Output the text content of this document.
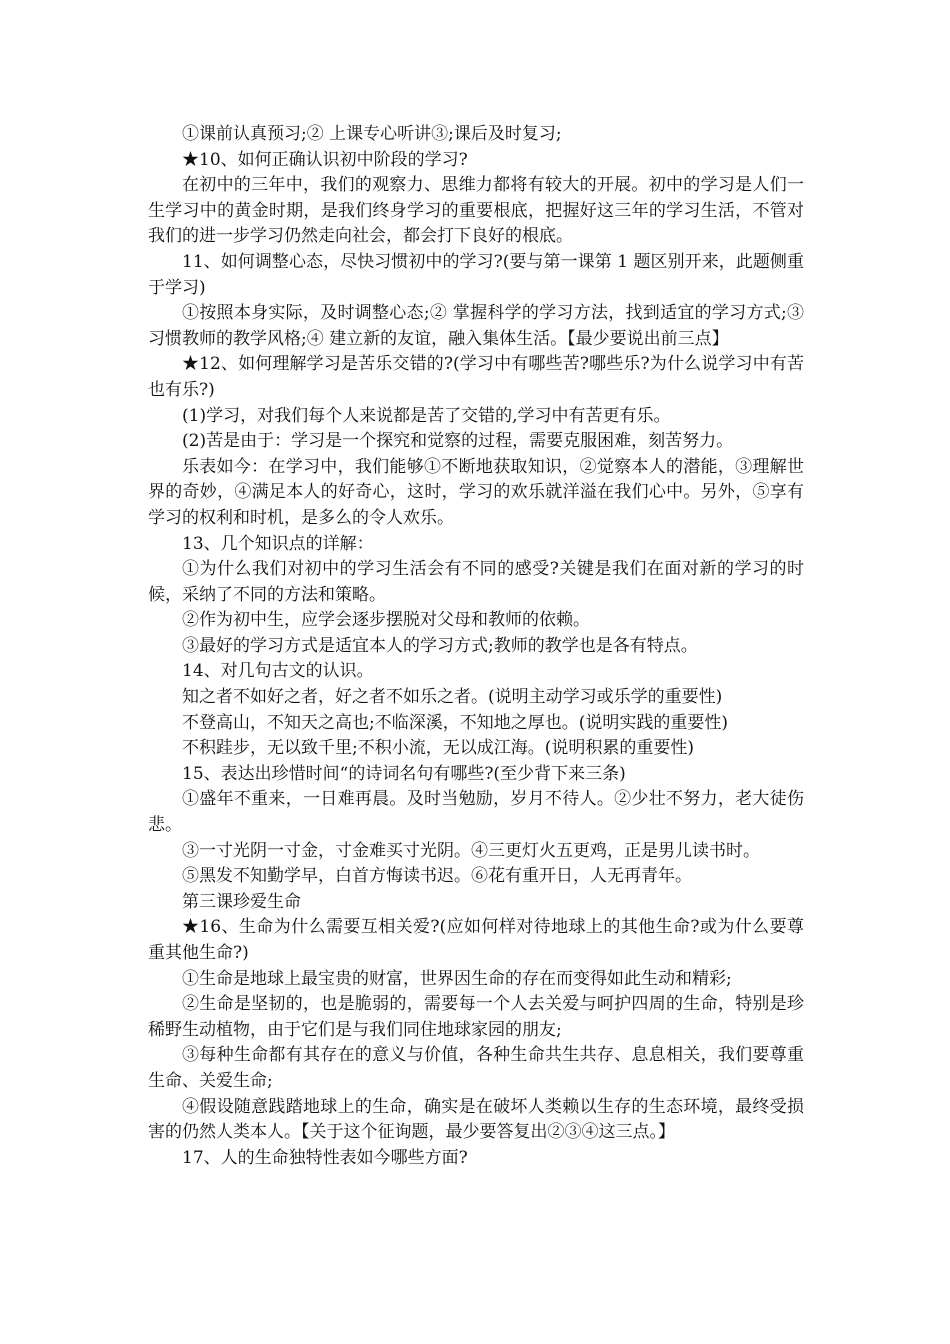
①课前认真预习;② 上课专心听讲③;课后及时复习;

★10、如何正确认识初中阶段的学习?

在初中的三年中，我们的观察力、思维力都将有较大的开展。初中的学习是人们一生学习中的黄金时期，是我们终身学习的重要根底，把握好这三年的学习生活，不管对我们的进一步学习仍然走向社会，都会打下良好的根底。

11、如何调整心态，尽快习惯初中的学习?(要与第一课第 1 题区别开来，此题侧重于学习)

①按照本身实际，及时调整心态;② 掌握科学的学习方法，找到适宜的学习方式;③ 习惯教师的教学风格;④ 建立新的友谊，融入集体生活。【最少要说出前三点】

★12、如何理解学习是苦乐交错的?(学习中有哪些苦?哪些乐?为什么说学习中有苦也有乐?)

(1)学习，对我们每个人来说都是苦了交错的,学习中有苦更有乐。

(2)苦是由于：学习是一个探究和觉察的过程，需要克服困难，刻苦努力。

乐表如今：在学习中，我们能够①不断地获取知识，②觉察本人的潜能，③理解世界的奇妙，④满足本人的好奇心，这时，学习的欢乐就洋溢在我们心中。另外，⑤享有学习的权利和时机，是多么的令人欢乐。

13、几个知识点的详解：

①为什么我们对初中的学习生活会有不同的感受?关键是我们在面对新的学习的时候，采纳了不同的方法和策略。

②作为初中生，应学会逐步摆脱对父母和教师的依赖。

③最好的学习方式是适宜本人的学习方式;教师的教学也是各有特点。

14、对几句古文的认识。

知之者不如好之者，好之者不如乐之者。(说明主动学习或乐学的重要性)

不登高山，不知天之高也;不临深溪，不知地之厚也。(说明实践的重要性)

不积跬步，无以致千里;不积小流，无以成江海。(说明积累的重要性)

15、表达出珍惜时间“的诗词名句有哪些?(至少背下来三条)

①盛年不重来，一日难再晨。及时当勉励，岁月不待人。②少壮不努力，老大徒伤悲。

③一寸光阴一寸金，寸金难买寸光阴。④三更灯火五更鸡，正是男儿读书时。

⑤黑发不知勤学早，白首方悔读书迟。⑥花有重开日，人无再青年。

第三课珍爱生命

★16、生命为什么需要互相关爱?(应如何样对待地球上的其他生命?或为什么要尊重其他生命?)

①生命是地球上最宝贵的财富，世界因生命的存在而变得如此生动和精彩;

②生命是坚韧的，也是脆弱的，需要每一个人去关爱与呵护四周的生命，特别是珍稀野生动植物，由于它们是与我们同住地球家园的朋友;

③每种生命都有其存在的意义与价值，各种生命共生共存、息息相关，我们要尊重生命、关爱生命;

④假设随意践踏地球上的生命，确实是在破坏人类赖以生存的生态环境，最终受损害的仍然人类本人。【关于这个征询题，最少要答复出②③④这三点。】

17、人的生命独特性表如今哪些方面?
